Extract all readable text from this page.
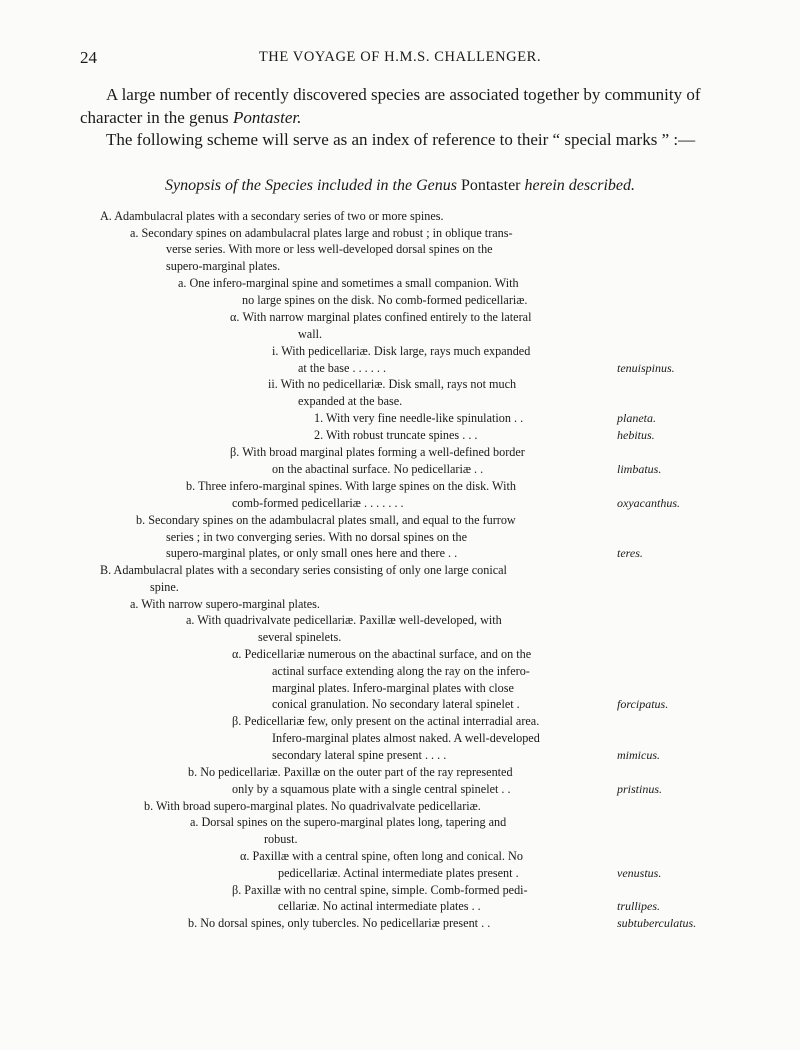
24	THE VOYAGE OF H.M.S. CHALLENGER.
A large number of recently discovered species are associated together by community of
character in the genus Pontaster.
The following scheme will serve as an index of reference to their “ special marks ” :—
Synopsis of the Species included in the Genus Pontaster herein described.
A. Adambulacral plates with a secondary series of two or more spines.
a. Secondary spines on adambulacral plates large and robust ; in oblique trans-
verse series. With more or less well-developed dorsal spines on the
supero-marginal plates.
a. One infero-marginal spine and sometimes a small companion. With
no large spines on the disk. No comb-formed pedicellariæ.
α. With narrow marginal plates confined entirely to the lateral
wall.
i. With pedicellariæ. Disk large, rays much expanded
at the base . . . . . .
ii. With no pedicellariæ. Disk small, rays not much
expanded at the base.
1. With very fine needle-like spinulation . .
2. With robust truncate spines . . .
β. With broad marginal plates forming a well-defined border
on the abactinal surface. No pedicellariæ . .
b. Three infero-marginal spines. With large spines on the disk. With
comb-formed pedicellariæ . . . . . . .
b. Secondary spines on the adambulacral plates small, and equal to the furrow
series ; in two converging series. With no dorsal spines on the
supero-marginal plates, or only small ones here and there . .
B. Adambulacral plates with a secondary series consisting of only one large conical
spine.
a. With narrow supero-marginal plates.
a. With quadrivalvate pedicellariæ. Paxillæ well-developed, with
several spinelets.
α. Pedicellariæ numerous on the abactinal surface, and on the
actinal surface extending along the ray on the infero-
marginal plates. Infero-marginal plates with close
conical granulation. No secondary lateral spinelet .
β. Pedicellariæ few, only present on the actinal interradial area.
Infero-marginal plates almost naked. A well-developed
secondary lateral spine present . . . .
b. No pedicellariæ. Paxillæ on the outer part of the ray represented
only by a squamous plate with a single central spinelet . .
b. With broad supero-marginal plates. No quadrivalvate pedicellariæ.
a. Dorsal spines on the supero-marginal plates long, tapering and
robust.
α. Paxillæ with a central spine, often long and conical. No
pedicellariæ. Actinal intermediate plates present .
β. Paxillæ with no central spine, simple. Comb-formed pedi-
cellariæ. No actinal intermediate plates . .
b. No dorsal spines, only tubercles. No pedicellariæ present . .
tenuispinus.
planeta.
hebitus.
limbatus.
oxyacanthus.
teres.
forcipatus.
mimicus.
pristinus.
venustus.
trullipes.
subtuberculatus.
